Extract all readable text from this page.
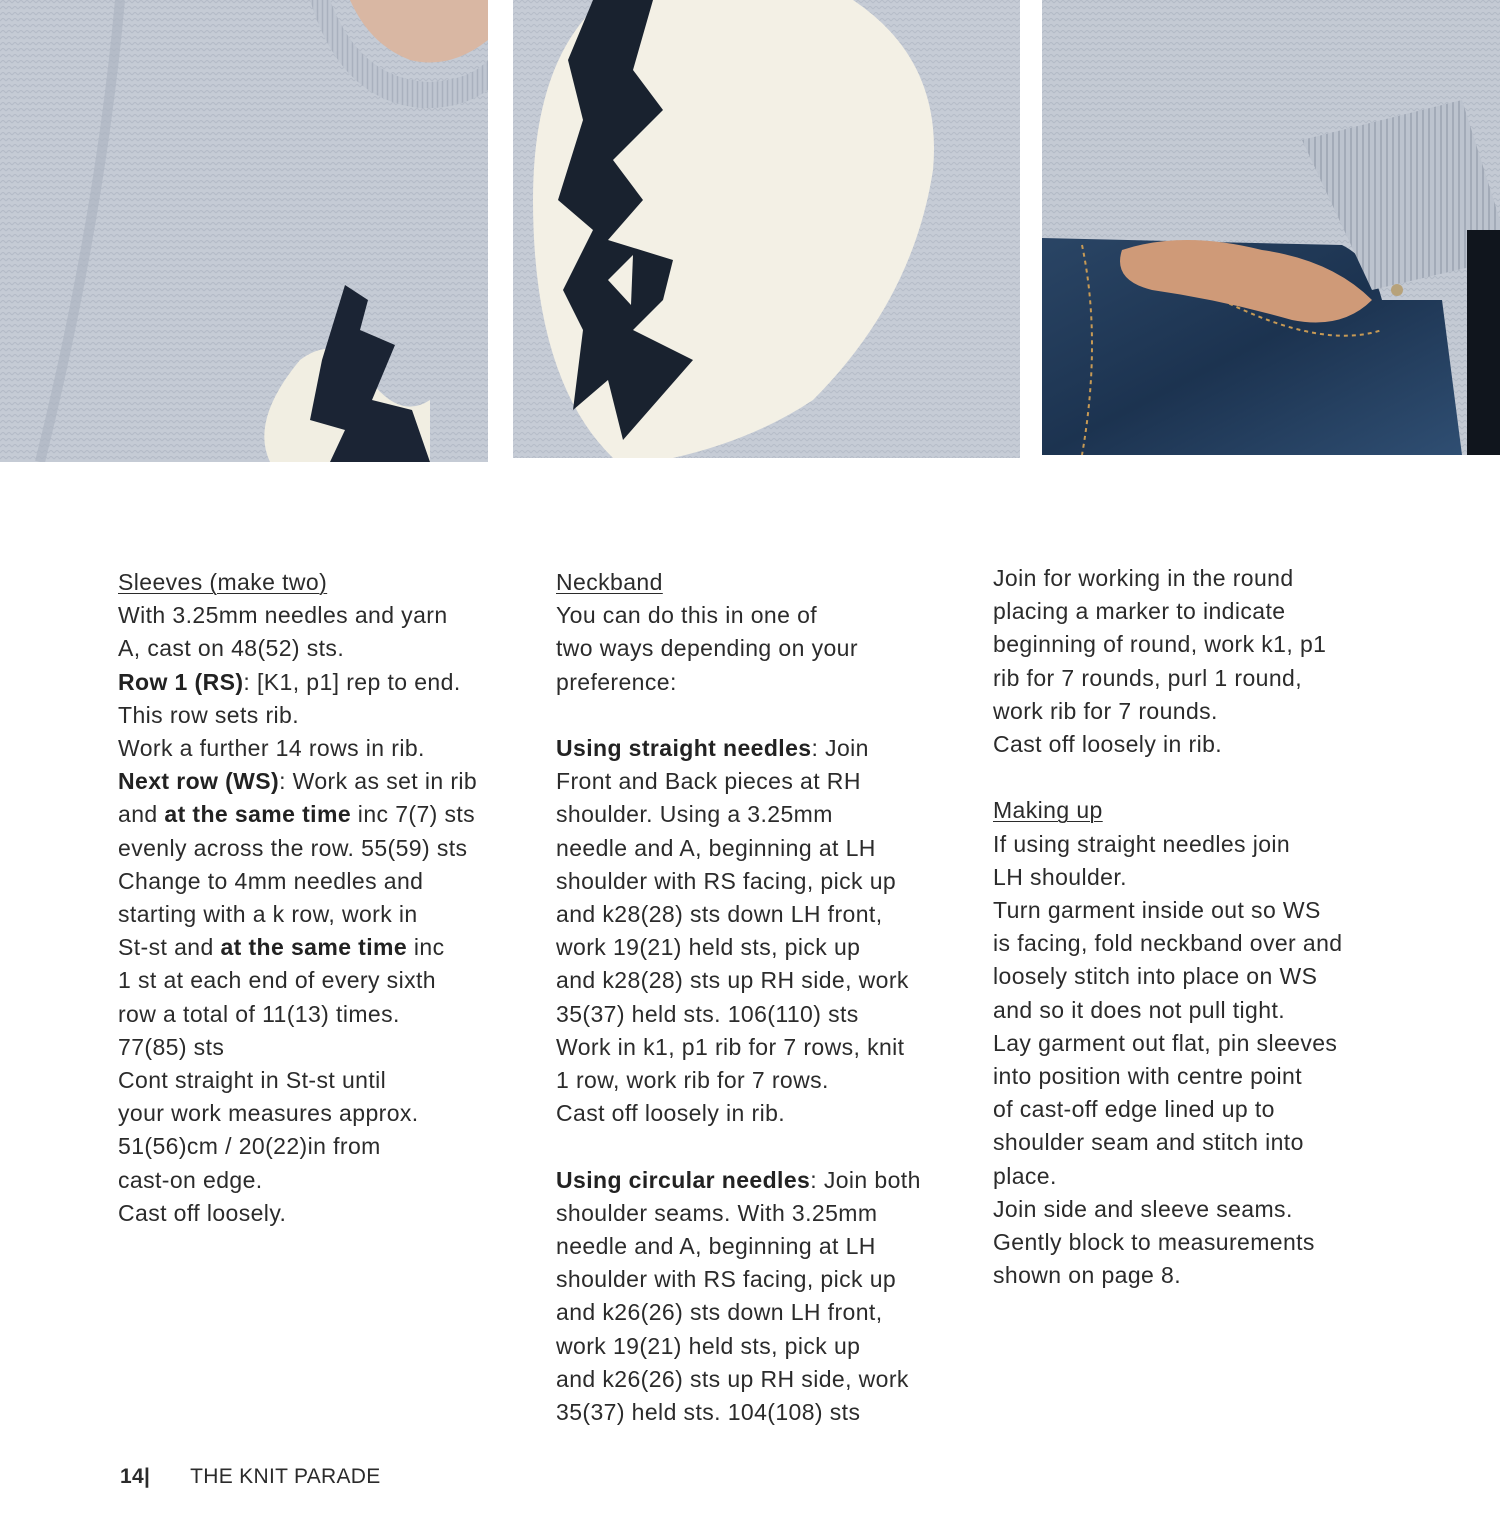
Sleeves (make two)
With 3.25mm needles and yarn
A, cast on 48(52) sts.
Row 1 (RS): [K1, p1] rep to end.
This row sets rib.
Work a further 14 rows in rib.
Next row (WS): Work as set in rib
and at the same time inc 7(7) sts
evenly across the row. 55(59) sts
Change to 4mm needles and
starting with a k row, work in
St-st and at the same time inc
1 st at each end of every sixth
row a total of 11(13) times.
77(85) sts
Cont straight in St-st until
your work measures approx.
51(56)cm / 20(22)in from
cast-on edge.
Cast off loosely.
Neckband
You can do this in one of
two ways depending on your
preference:
Using straight needles: Join
Front and Back pieces at RH
shoulder. Using a 3.25mm
needle and A, beginning at LH
shoulder with RS facing, pick up
and k28(28) sts down LH front,
work 19(21) held sts, pick up
and k28(28) sts up RH side, work
35(37) held sts. 106(110) sts
Work in k1, p1 rib for 7 rows, knit
1 row, work rib for 7 rows.
Cast off loosely in rib.
Using circular needles: Join both
shoulder seams. With 3.25mm
needle and A, beginning at LH
shoulder with RS facing, pick up
and k26(26) sts down LH front,
work 19(21) held sts, pick up
and k26(26) sts up RH side, work
35(37) held sts. 104(108) sts
Join for working in the round
placing a marker to indicate
beginning of round, work k1, p1
rib for 7 rounds, purl 1 round,
work rib for 7 rounds.
Cast off loosely in rib.
Making up
If using straight needles join
LH shoulder.
Turn garment inside out so WS
is facing, fold neckband over and
loosely stitch into place on WS
and so it does not pull tight.
Lay garment out flat, pin sleeves
into position with centre point
of cast-off edge lined up to
shoulder seam and stitch into
place.
Join side and sleeve seams.
Gently block to measurements
shown on page 8.
14| THE KNIT PARADE
